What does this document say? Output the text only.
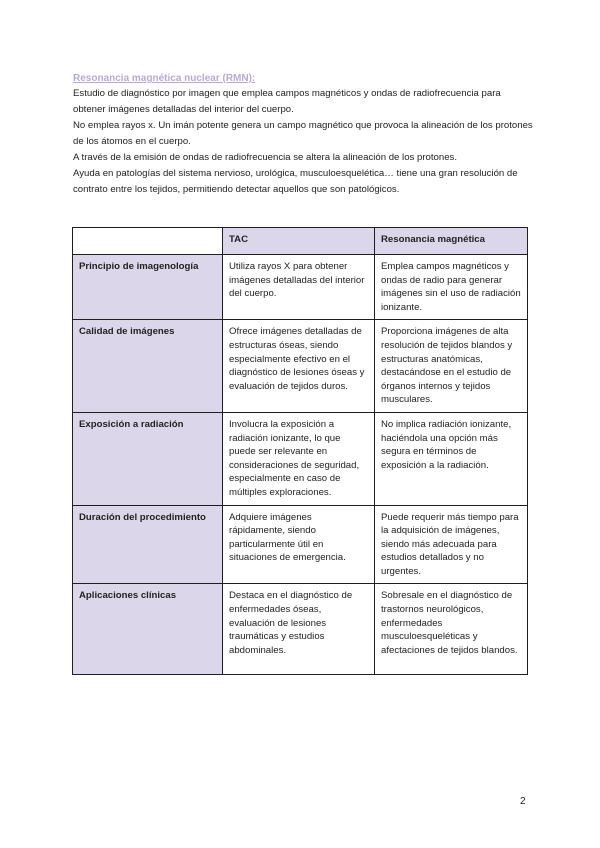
Resonancia magnética nuclear (RMN):

Estudio de diagnóstico por imagen que emplea campos magnéticos y ondas de radiofrecuencia para obtener imágenes detalladas del interior del cuerpo.

No emplea rayos x. Un imán potente genera un campo magnético que provoca la alineación de los protones de los átomos en el cuerpo.

A través de la emisión de ondas de radiofrecuencia se altera la alineación de los protones.

Ayuda en patologías del sistema nervioso, urológica, musculoesquelética… tiene una gran resolución de contrato entre los tejidos, permitiendo detectar aquellos que son patológicos.

	TAC	Resonancia magnética
Principio de imagenología	Utiliza rayos X para obtener imágenes detalladas del interior del cuerpo.	Emplea campos magnéticos y ondas de radio para generar imágenes sin el uso de radiación ionizante.
Calidad de imágenes	Ofrece imágenes detalladas de estructuras óseas, siendo especialmente efectivo en el diagnóstico de lesiones óseas y evaluación de tejidos duros.	Proporciona imágenes de alta resolución de tejidos blandos y estructuras anatómicas, destacándose en el estudio de órganos internos y tejidos musculares.
Exposición a radiación	Involucra la exposición a radiación ionizante, lo que puede ser relevante en consideraciones de seguridad, especialmente en caso de múltiples exploraciones.	No implica radiación ionizante, haciéndola una opción más segura en términos de exposición a la radiación.
Duración del procedimiento	Adquiere imágenes rápidamente, siendo particularmente útil en situaciones de emergencia.	Puede requerir más tiempo para la adquisición de imágenes, siendo más adecuada para estudios detallados y no urgentes.
Aplicaciones clínicas	Destaca en el diagnóstico de enfermedades óseas, evaluación de lesiones traumáticas y estudios abdominales.	Sobresale en el diagnóstico de trastornos neurológicos, enfermedades musculoesqueléticas y afectaciones de tejidos blandos.
2
